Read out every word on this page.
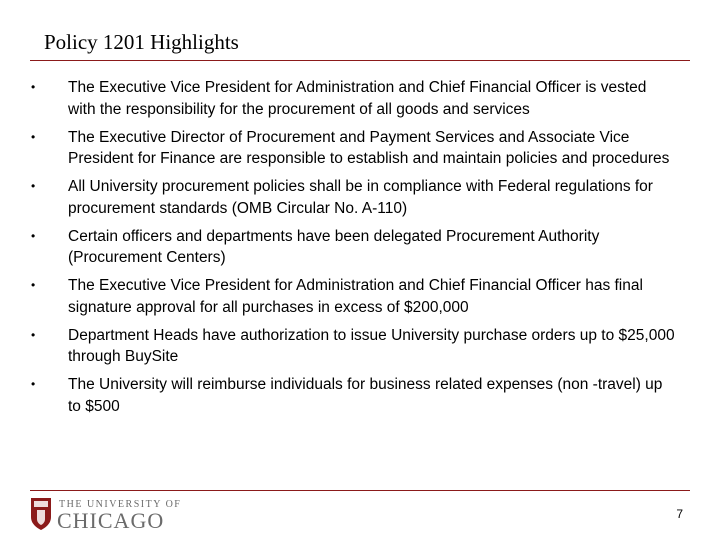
Policy 1201 Highlights
• The Executive Vice President for Administration and Chief Financial Officer is vested with the responsibility for the procurement of all goods and services
• The Executive Director of Procurement and Payment Services and Associate Vice President for Finance are responsible to establish and maintain policies and procedures
• All University procurement policies shall be in compliance with Federal regulations for procurement standards (OMB Circular No. A-110)
• Certain officers and departments have been delegated Procurement Authority (Procurement Centers)
• The Executive Vice President for Administration and Chief Financial Officer has final signature approval for all purchases in excess of $200,000
• Department Heads have authorization to issue University purchase orders up to $25,000 through BuySite
• The University will reimburse individuals for business related expenses (non -travel) up to $500
THE UNIVERSITY OF
CHICAGO	7
